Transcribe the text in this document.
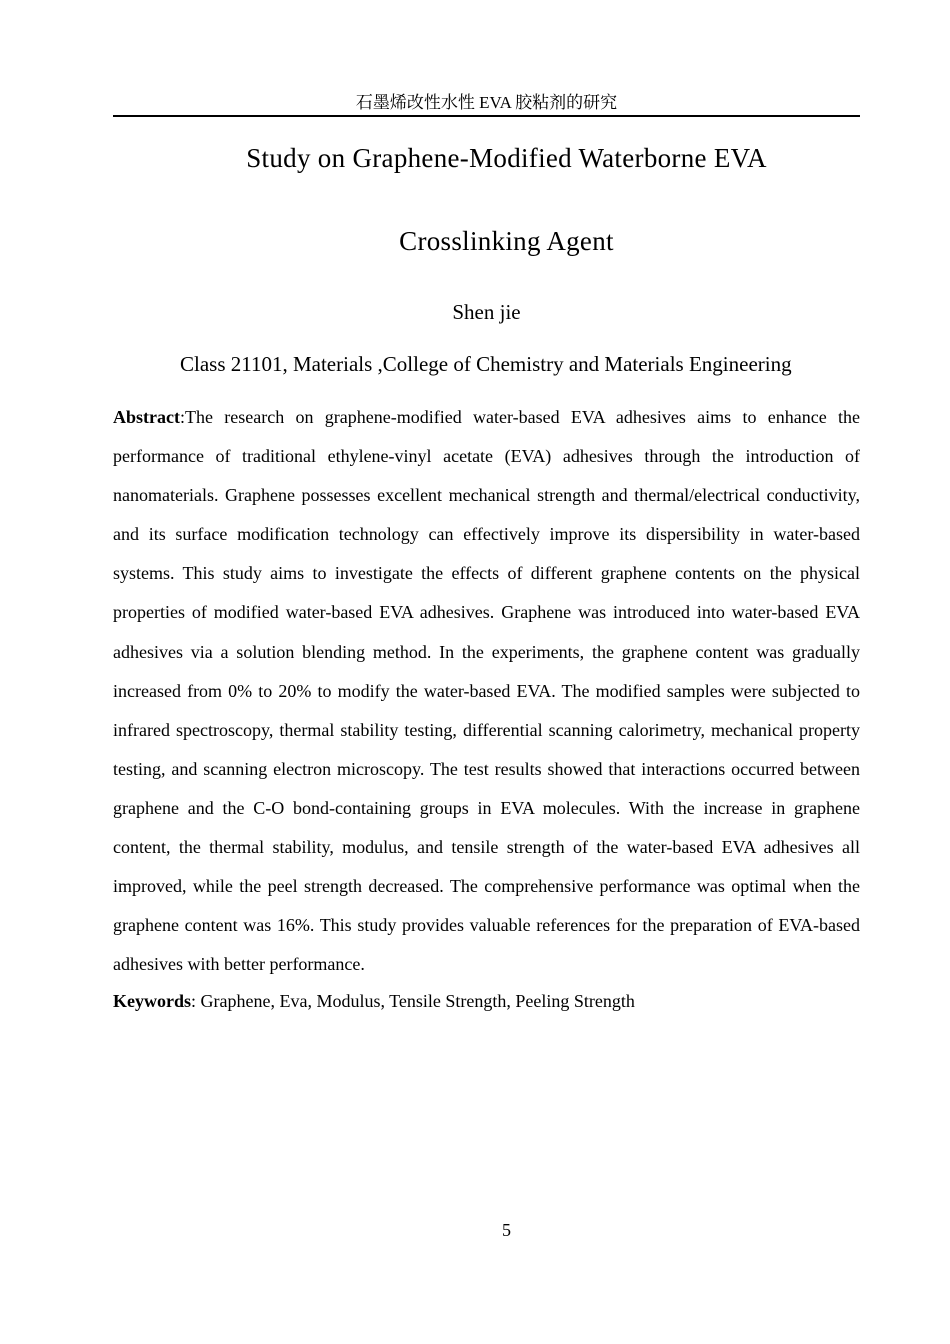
石墨烯改性水性 EVA 胶粘剂的研究
Study on Graphene-Modified Waterborne EVA
Crosslinking Agent
Shen jie
Class 21101, Materials ,College of Chemistry and Materials Engineering

Abstract:The research on graphene-modified water-based EVA adhesives aims to enhance the performance of traditional ethylene-vinyl acetate (EVA) adhesives through the introduction of nanomaterials. Graphene possesses excellent mechanical strength and thermal/electrical conductivity, and its surface modification technology can effectively improve its dispersibility in water-based systems. This study aims to investigate the effects of different graphene contents on the physical properties of modified water-based EVA adhesives. Graphene was introduced into water-based EVA adhesives via a solution blending method. In the experiments, the graphene content was gradually increased from 0% to 20% to modify the water-based EVA. The modified samples were subjected to infrared spectroscopy, thermal stability testing, differential scanning calorimetry, mechanical property testing, and scanning electron microscopy. The test results showed that interactions occurred between graphene and the C-O bond-containing groups in EVA molecules. With the increase in graphene content, the thermal stability, modulus, and tensile strength of the water-based EVA adhesives all improved, while the peel strength decreased. The comprehensive performance was optimal when the graphene content was 16%. This study provides valuable references for the preparation of EVA-based adhesives with better performance.

Keywords: Graphene, Eva, Modulus, Tensile Strength, Peeling Strength
5
